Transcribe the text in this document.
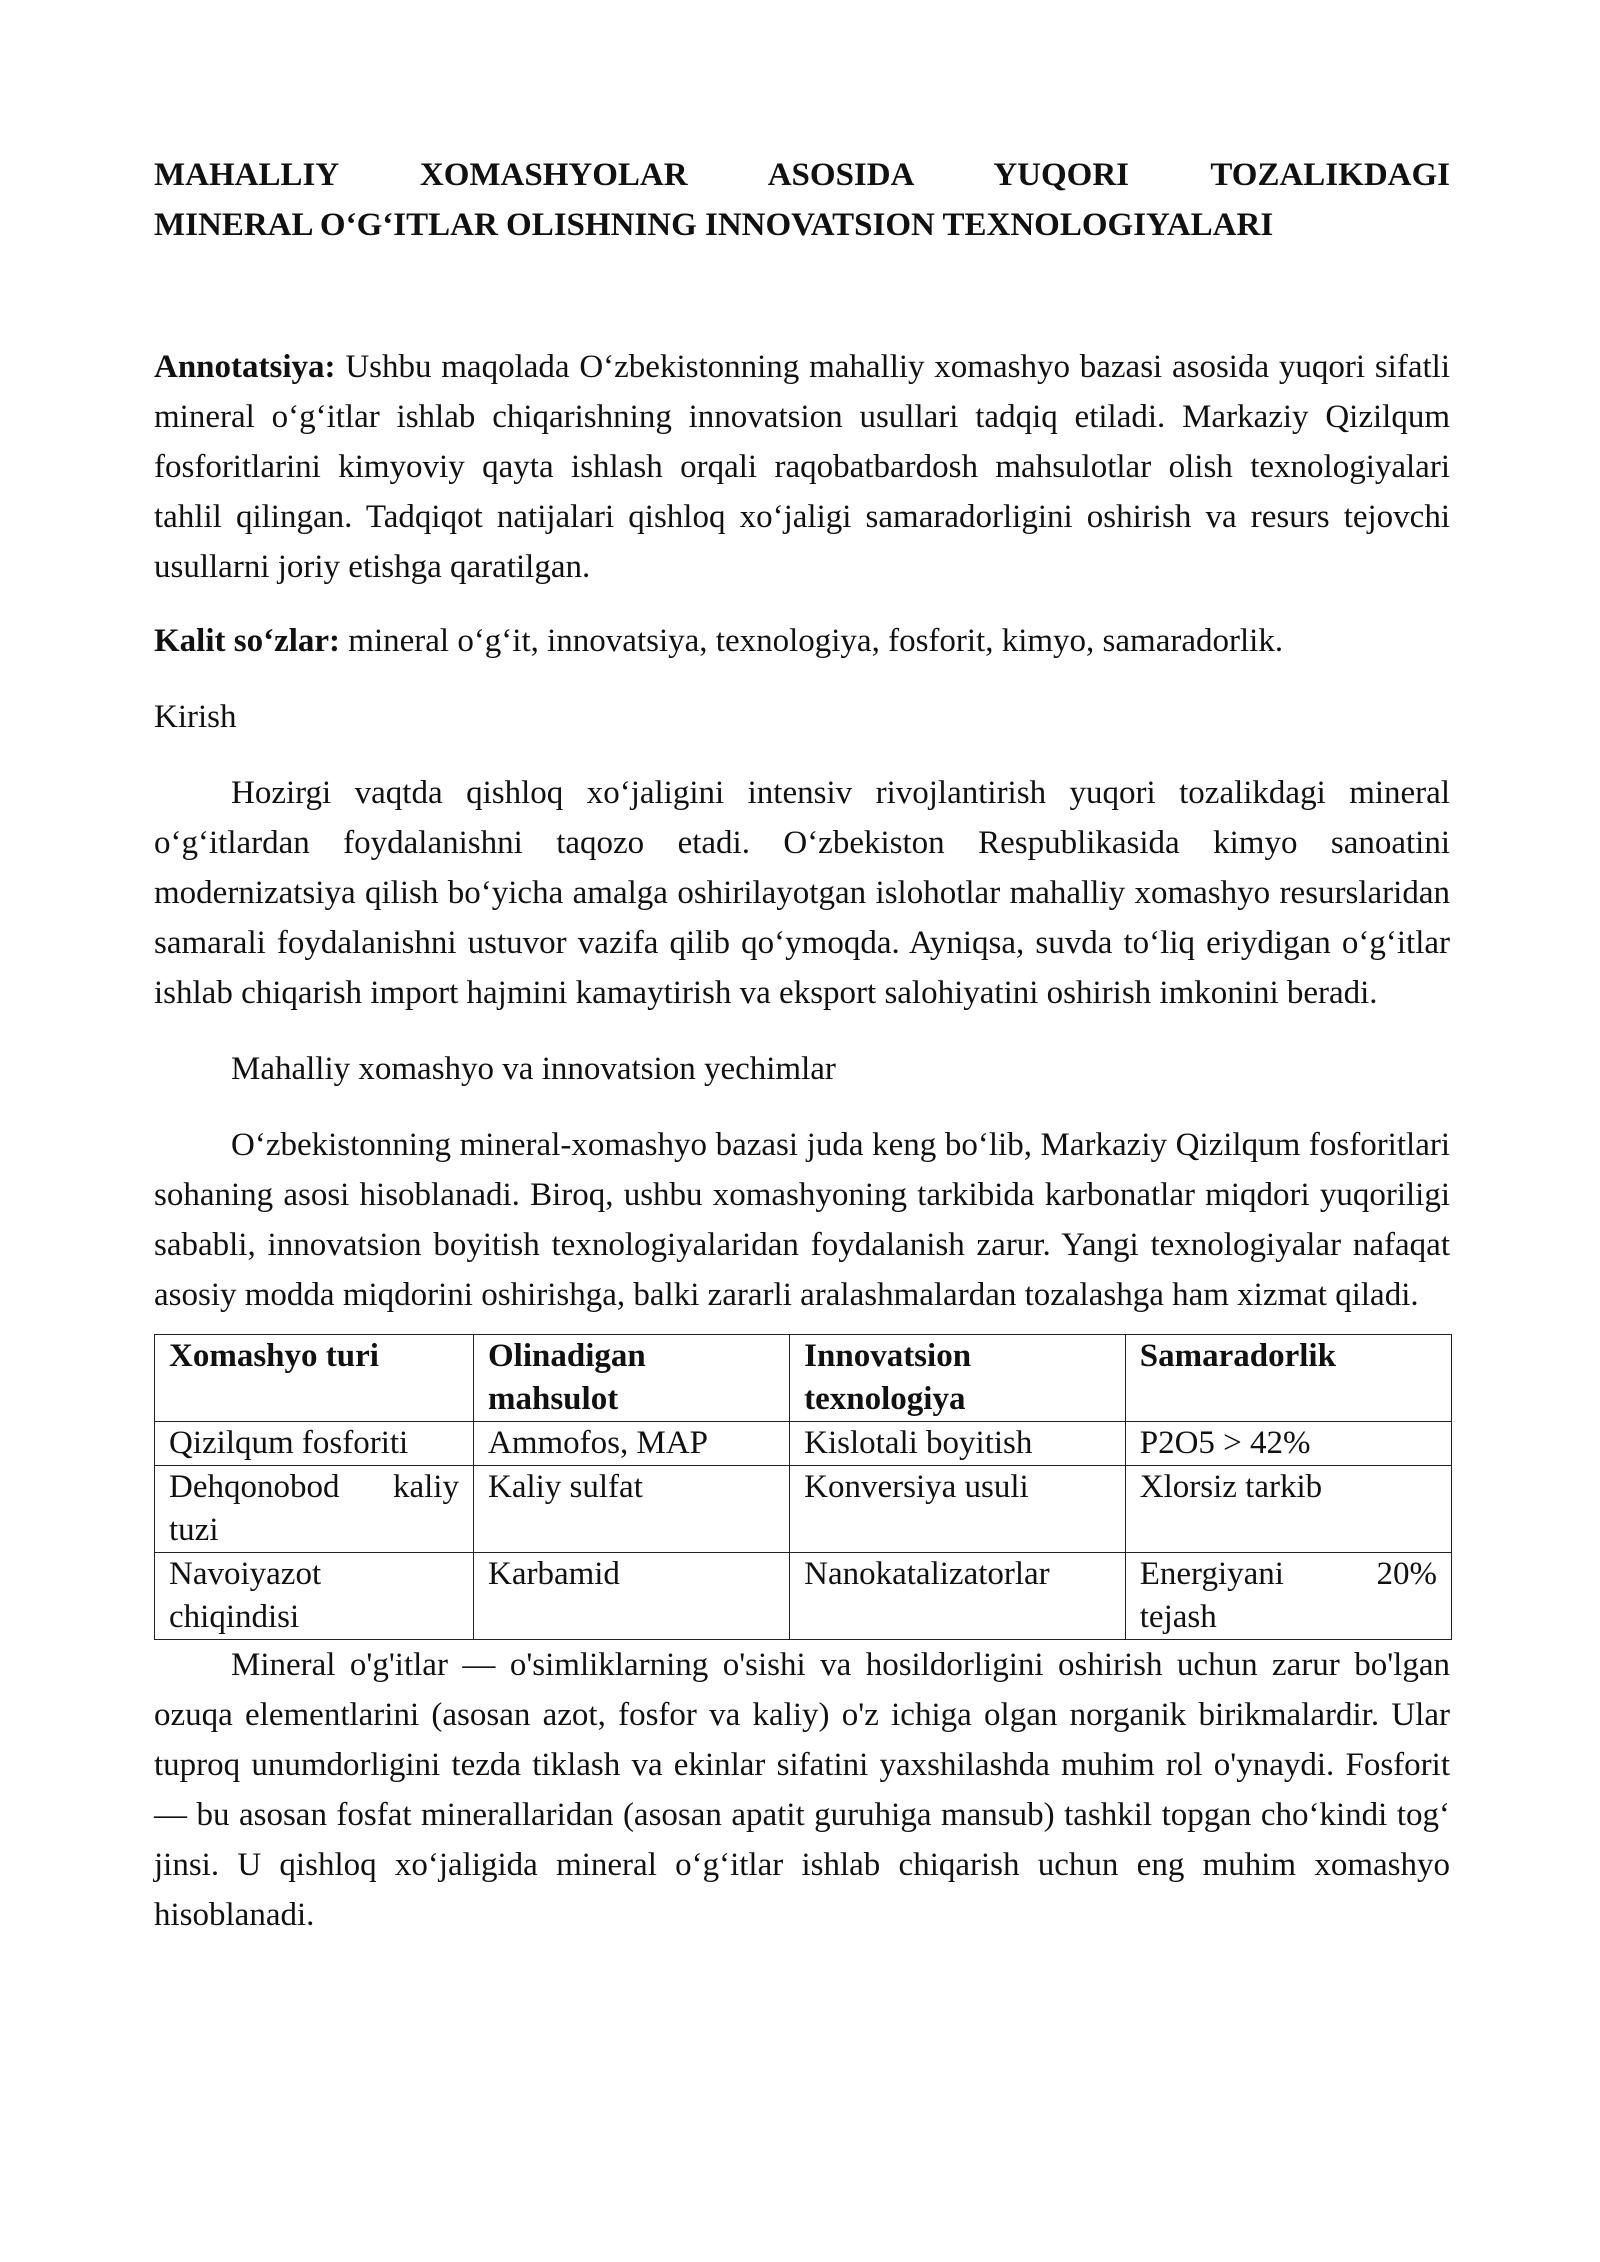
MAHALLIY XOMASHYOLAR ASOSIDA YUQORI TOZALIKDAGI
MINERAL O‘G‘ITLAR OLISHNING INNOVATSION TEXNOLOGIYALARI

Annotatsiya: Ushbu maqolada O‘zbekistonning mahalliy xomashyo bazasi asosida yuqori sifatli mineral o‘g‘itlar ishlab chiqarishning innovatsion usullari tadqiq etiladi. Markaziy Qizilqum fosforitlarini kimyoviy qayta ishlash orqali raqobatbardosh mahsulotlar olish texnologiyalari tahlil qilingan. Tadqiqot natijalari qishloq xo‘jaligi samaradorligini oshirish va resurs tejovchi usullarni joriy etishga qaratilgan.

Kalit so‘zlar: mineral o‘g‘it, innovatsiya, texnologiya, fosforit, kimyo, samaradorlik.

Kirish

Hozirgi vaqtda qishloq xo‘jaligini intensiv rivojlantirish yuqori tozalikdagi mineral o‘g‘itlardan foydalanishni taqozo etadi. O‘zbekiston Respublikasida kimyo sanoatini modernizatsiya qilish bo‘yicha amalga oshirilayotgan islohotlar mahalliy xomashyo resurslaridan samarali foydalanishni ustuvor vazifa qilib qo‘ymoqda. Ayniqsa, suvda to‘liq eriydigan o‘g‘itlar ishlab chiqarish import hajmini kamaytirish va eksport salohiyatini oshirish imkonini beradi.

Mahalliy xomashyo va innovatsion yechimlar

O‘zbekistonning mineral-xomashyo bazasi juda keng bo‘lib, Markaziy Qizilqum fosforitlari sohaning asosi hisoblanadi. Biroq, ushbu xomashyoning tarkibida karbonatlar miqdori yuqoriligi sababli, innovatsion boyitish texnologiyalaridan foydalanish zarur. Yangi texnologiyalar nafaqat asosiy modda miqdorini oshirishga, balki zararli aralashmalardan tozalashga ham xizmat qiladi.

Xomashyo turi	Olinadigan mahsulot	Innovatsion texnologiya	Samaradorlik
Qizilqum fosforiti	Ammofos, MAP	Kislotali boyitish	P2O5 > 42%
Dehqonobod kaliy tuzi	Kaliy sulfat	Konversiya usuli	Xlorsiz tarkib
Navoiyazot chiqindisi	Karbamid	Nanokatalizatorlar	Energiyani 20% tejash

Mineral o'g'itlar — o'simliklarning o'sishi va hosildorligini oshirish uchun zarur bo'lgan ozuqa elementlarini (asosan azot, fosfor va kaliy) o'z ichiga olgan norganik birikmalardir. Ular tuproq unumdorligini tezda tiklash va ekinlar sifatini yaxshilashda muhim rol o'ynaydi. Fosforit — bu asosan fosfat minerallaridan (asosan apatit guruhiga mansub) tashkil topgan cho‘kindi tog‘ jinsi. U qishloq xo‘jaligida mineral o‘g‘itlar ishlab chiqarish uchun eng muhim xomashyo hisoblanadi.
